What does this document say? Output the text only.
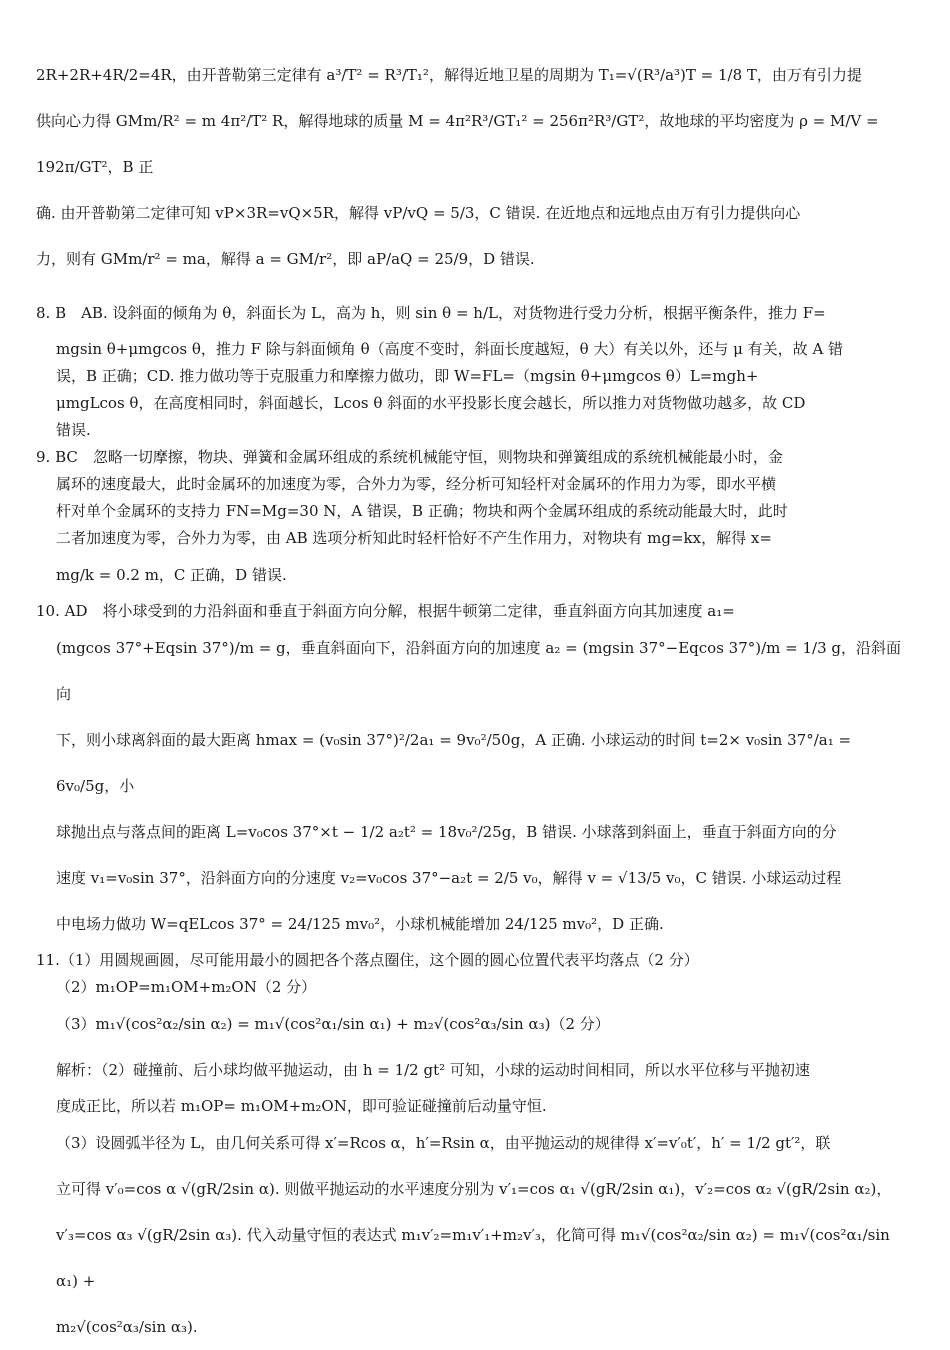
2R+2R+4R/2=4R，由开普勒第三定律有 a³/T² = R³/T₁²，解得近地卫星的周期为 T₁=√(R³/a³)T = 1/8 T，由万有引力提

供向心力得 GMm/R² = m 4π²/T² R，解得地球的质量 M = 4π²R³/GT₁² = 256π²R³/GT²，故地球的平均密度为 ρ = M/V = 192π/GT²，B 正

确. 由开普勒第二定律可知 vP×3R=vQ×5R，解得 vP/vQ = 5/3，C 错误. 在近地点和远地点由万有引力提供向心

力，则有 GMm/r² = ma，解得 a = GM/r²，即 aP/aQ = 25/9，D 错误.

8. B　AB. 设斜面的倾角为 θ，斜面长为 L，高为 h，则 sin θ = h/L，对货物进行受力分析，根据平衡条件，推力 F=

mgsin θ+μmgcos θ，推力 F 除与斜面倾角 θ（高度不变时，斜面长度越短，θ 大）有关以外，还与 μ 有关，故 A 错

误，B 正确；CD. 推力做功等于克服重力和摩擦力做功，即 W=FL=（mgsin θ+μmgcos θ）L=mgh+

μmgLcos θ，在高度相同时，斜面越长，Lcos θ 斜面的水平投影长度会越长，所以推力对货物做功越多，故 CD

错误.

9. BC　忽略一切摩擦，物块、弹簧和金属环组成的系统机械能守恒，则物块和弹簧组成的系统机械能最小时，金

属环的速度最大，此时金属环的加速度为零，合外力为零，经分析可知轻杆对金属环的作用力为零，即水平横

杆对单个金属环的支持力 FN=Mg=30 N，A 错误，B 正确；物块和两个金属环组成的系统动能最大时，此时

二者加速度为零，合外力为零，由 AB 选项分析知此时轻杆恰好不产生作用力，对物块有 mg=kx，解得 x=

mg/k = 0.2 m，C 正确，D 错误.

10. AD　将小球受到的力沿斜面和垂直于斜面方向分解，根据牛顿第二定律，垂直斜面方向其加速度 a₁=

(mgcos 37°+Eqsin 37°)/m = g，垂直斜面向下，沿斜面方向的加速度 a₂ = (mgsin 37°−Eqcos 37°)/m = 1/3 g，沿斜面向

下，则小球离斜面的最大距离 hmax = (v₀sin 37°)²/2a₁ = 9v₀²/50g，A 正确. 小球运动的时间 t=2× v₀sin 37°/a₁ = 6v₀/5g，小

球抛出点与落点间的距离 L=v₀cos 37°×t − 1/2 a₂t² = 18v₀²/25g，B 错误. 小球落到斜面上，垂直于斜面方向的分

速度 v₁=v₀sin 37°，沿斜面方向的分速度 v₂=v₀cos 37°−a₂t = 2/5 v₀，解得 v = √13/5 v₀，C 错误. 小球运动过程

中电场力做功 W=qELcos 37° = 24/125 mv₀²，小球机械能增加 24/125 mv₀²，D 正确.

11.（1）用圆规画圆，尽可能用最小的圆把各个落点圈住，这个圆的圆心位置代表平均落点（2 分）

（2）m₁OP=m₁OM+m₂ON（2 分）

（3）m₁√(cos²α₂/sin α₂) = m₁√(cos²α₁/sin α₁) + m₂√(cos²α₃/sin α₃)（2 分）

解析：（2）碰撞前、后小球均做平抛运动，由 h = 1/2 gt² 可知，小球的运动时间相同，所以水平位移与平抛初速

度成正比，所以若 m₁OP= m₁OM+m₂ON，即可验证碰撞前后动量守恒.

（3）设圆弧半径为 L，由几何关系可得 x′=Rcos α，h′=Rsin α，由平抛运动的规律得 x′=v′₀t′，h′ = 1/2 gt′²，联

立可得 v′₀=cos α √(gR/2sin α). 则做平抛运动的水平速度分别为 v′₁=cos α₁ √(gR/2sin α₁)，v′₂=cos α₂ √(gR/2sin α₂)，

v′₃=cos α₃ √(gR/2sin α₃). 代入动量守恒的表达式 m₁v′₂=m₁v′₁+m₂v′₃，化简可得 m₁√(cos²α₂/sin α₂) = m₁√(cos²α₁/sin α₁) +

m₂√(cos²α₃/sin α₃).
